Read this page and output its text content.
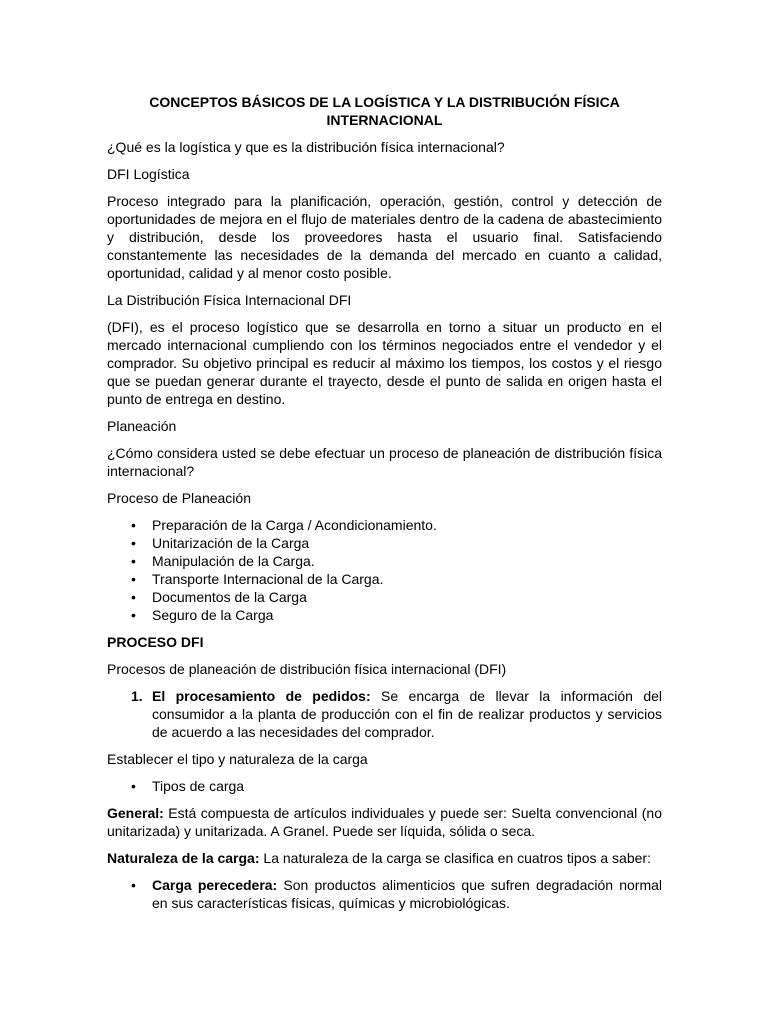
CONCEPTOS BÁSICOS DE LA LOGÍSTICA Y LA DISTRIBUCIÓN FÍSICA INTERNACIONAL

¿Qué es la logística y que es la distribución física internacional?

DFI Logística

Proceso integrado para la planificación, operación, gestión, control y detección de oportunidades de mejora en el flujo de materiales dentro de la cadena de abastecimiento y distribución, desde los proveedores hasta el usuario final. Satisfaciendo constantemente las necesidades de la demanda del mercado en cuanto a calidad, oportunidad, calidad y al menor costo posible.

La Distribución Física Internacional DFI

(DFI), es el proceso logístico que se desarrolla en torno a situar un producto en el mercado internacional cumpliendo con los términos negociados entre el vendedor y el comprador. Su objetivo principal es reducir al máximo los tiempos, los costos y el riesgo que se puedan generar durante el trayecto, desde el punto de salida en origen hasta el punto de entrega en destino.

Planeación

¿Cómo considera usted se debe efectuar un proceso de planeación de distribución física internacional?

Proceso de Planeación

• Preparación de la Carga / Acondicionamiento.
• Unitarización de la Carga
• Manipulación de la Carga.
• Transporte Internacional de la Carga.
• Documentos de la Carga
• Seguro de la Carga

PROCESO DFI

Procesos de planeación de distribución física internacional (DFI)

1. El procesamiento de pedidos: Se encarga de llevar la información del consumidor a la planta de producción con el fin de realizar productos y servicios de acuerdo a las necesidades del comprador.

Establecer el tipo y naturaleza de la carga

• Tipos de carga

General: Está compuesta de artículos individuales y puede ser: Suelta convencional (no unitarizada) y unitarizada. A Granel. Puede ser líquida, sólida o seca.

Naturaleza de la carga: La naturaleza de la carga se clasifica en cuatros tipos a saber:

• Carga perecedera: Son productos alimenticios que sufren degradación normal en sus características físicas, químicas y microbiológicas.
